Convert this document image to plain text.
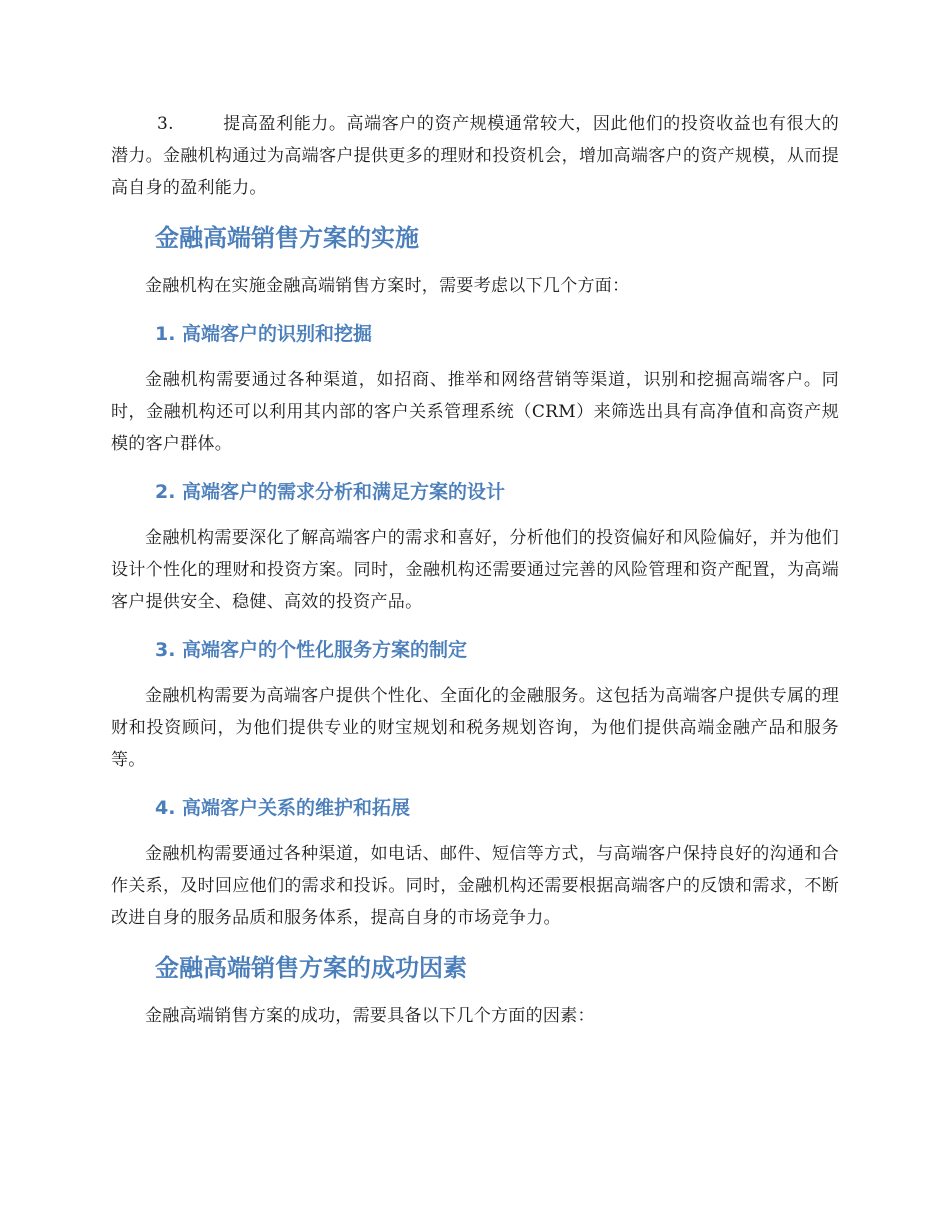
3.	提高盈利能力。高端客户的资产规模通常较大，因此他们的投资收益也有很大的潜力。金融机构通过为高端客户提供更多的理财和投资机会，增加高端客户的资产规模，从而提高自身的盈利能力。

金融高端销售方案的实施

金融机构在实施金融高端销售方案时，需要考虑以下几个方面：

1. 高端客户的识别和挖掘

金融机构需要通过各种渠道，如招商、推举和网络营销等渠道，识别和挖掘高端客户。同时，金融机构还可以利用其内部的客户关系管理系统（CRM）来筛选出具有高净值和高资产规模的客户群体。

2. 高端客户的需求分析和满足方案的设计

金融机构需要深化了解高端客户的需求和喜好，分析他们的投资偏好和风险偏好，并为他们设计个性化的理财和投资方案。同时，金融机构还需要通过完善的风险管理和资产配置，为高端客户提供安全、稳健、高效的投资产品。

3. 高端客户的个性化服务方案的制定

金融机构需要为高端客户提供个性化、全面化的金融服务。这包括为高端客户提供专属的理财和投资顾问，为他们提供专业的财宝规划和税务规划咨询，为他们提供高端金融产品和服务等。

4. 高端客户关系的维护和拓展

金融机构需要通过各种渠道，如电话、邮件、短信等方式，与高端客户保持良好的沟通和合作关系，及时回应他们的需求和投诉。同时，金融机构还需要根据高端客户的反馈和需求，不断改进自身的服务品质和服务体系，提高自身的市场竞争力。

金融高端销售方案的成功因素

金融高端销售方案的成功，需要具备以下几个方面的因素：
